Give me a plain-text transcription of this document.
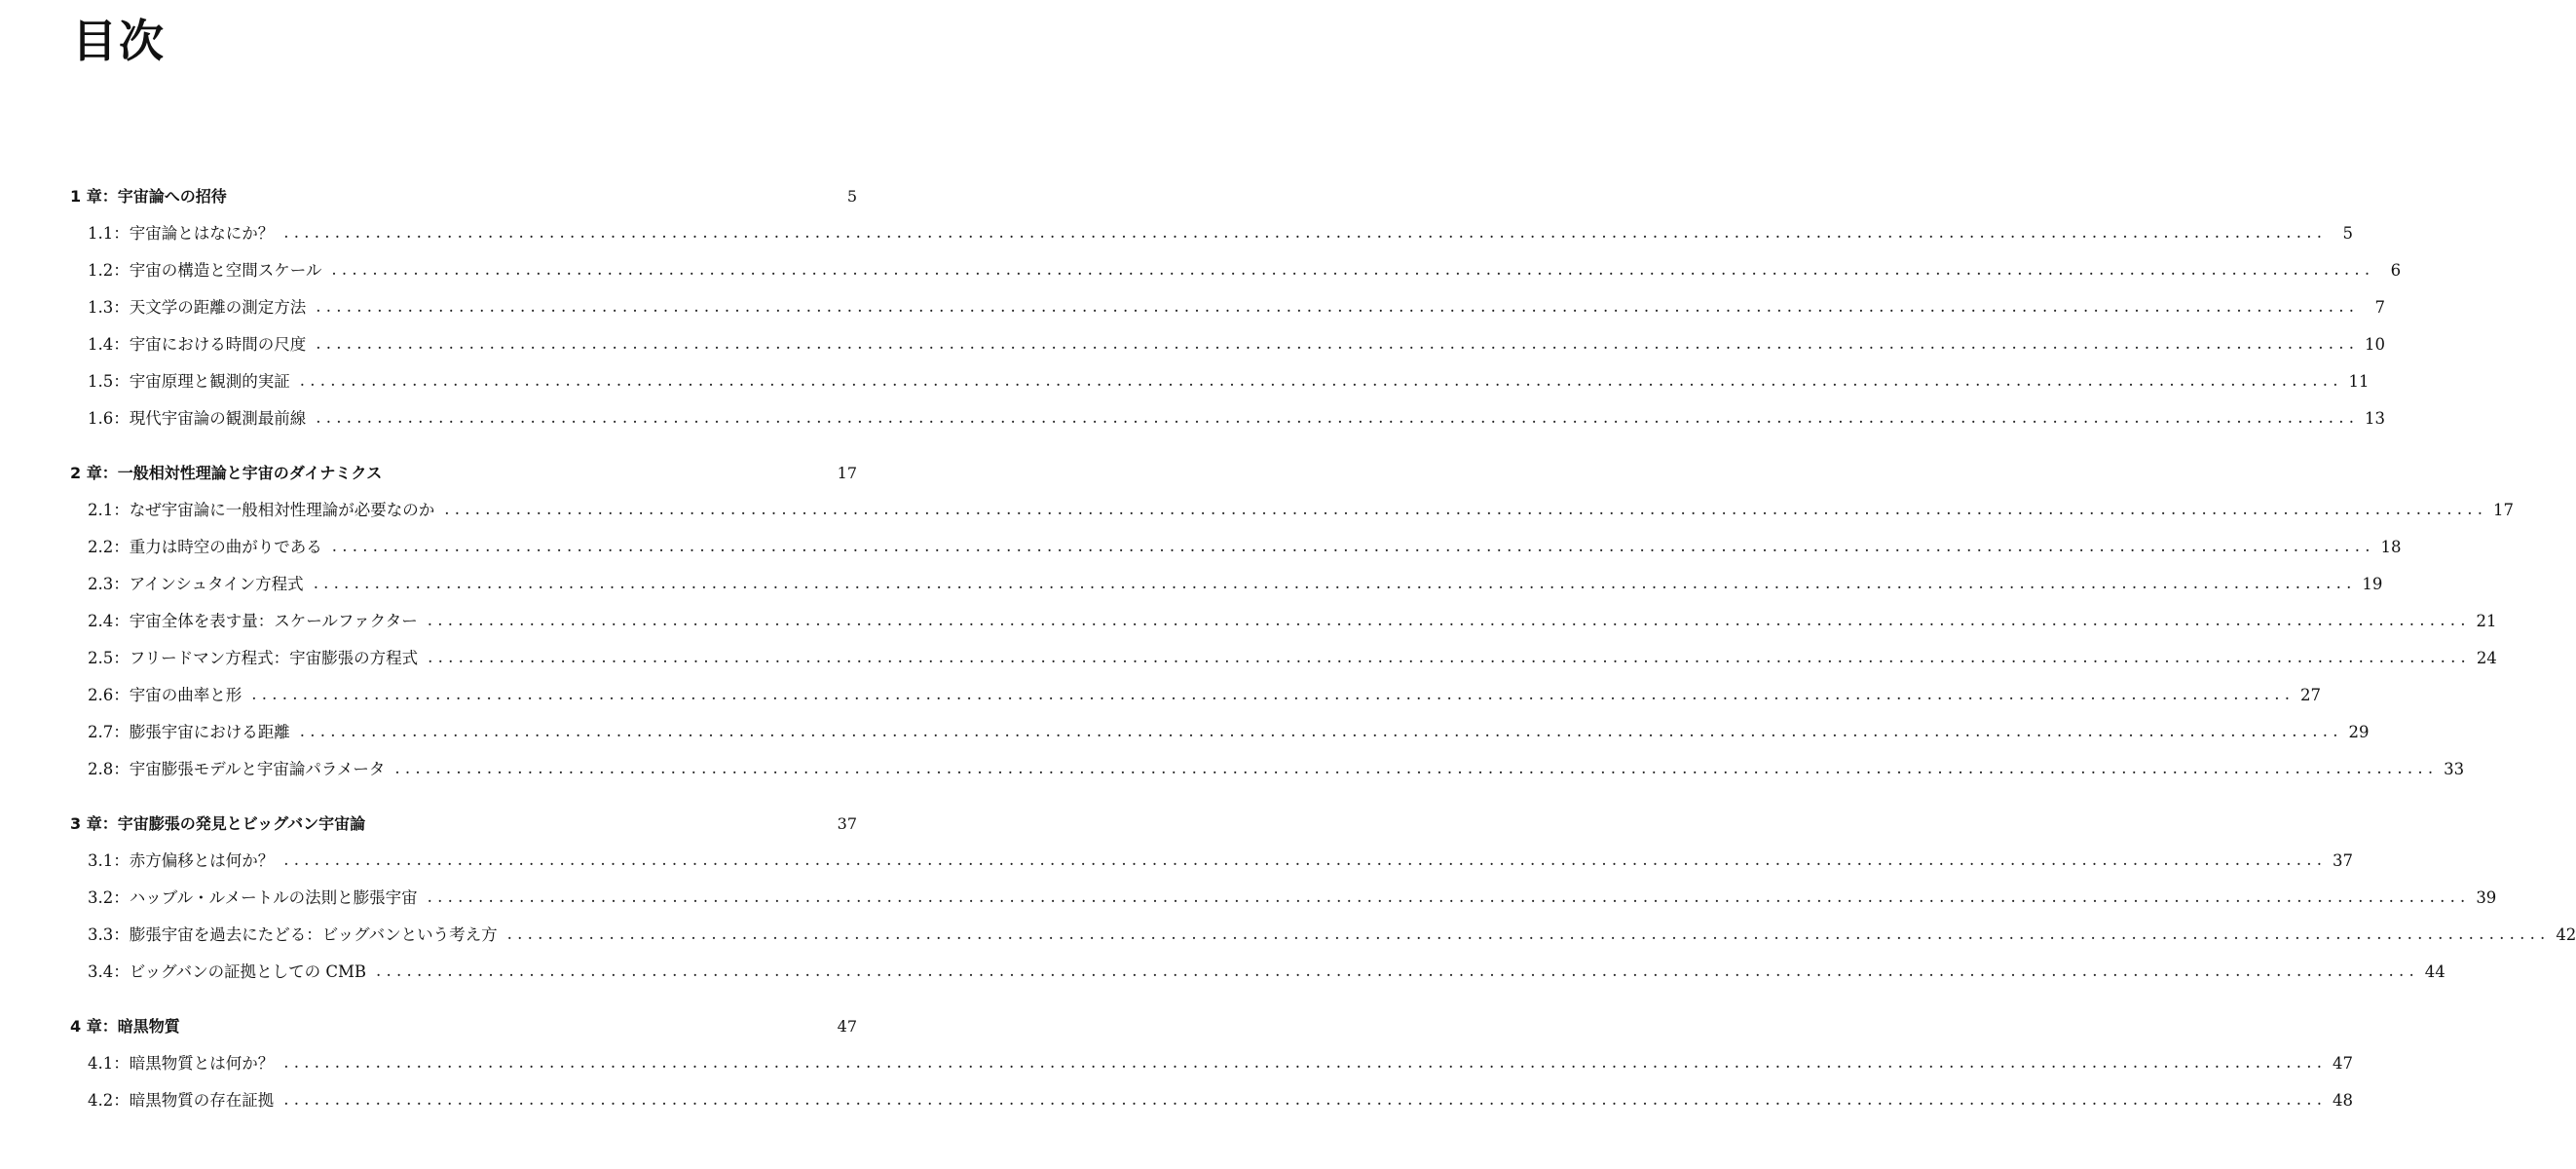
目次
1 章：宇宙論への招待	5
1.1：宇宙論とはなにか？ . . . . . . . . . . . . . . . . . . . . . . . . . . . . . . . . . . . . . . . . . . . . . . . . . . . . . . . . . . . . . . . . . . . . . . . . . . . . . . . . . . . . . . . . . . . . . . . . . . . . . . . . . . . . . . . . . . . . . . . . . . . . . . . . . . . . . . . . . . . . . . . . . . . . . . . . . . . . . . . . . . . . . . . . . . . . . . . . . . . . . . . . . . . . . . . . . . . . . . . .	5
1.2：宇宙の構造と空間スケール . . . . . . . . . . . . . . . . . . . . . . . . . . . . . . . . . . . . . . . . . . . . . . . . . . . . . . . . . . . . . . . . . . . . . . . . . . . . . . . . . . . . . . . . . . . . . . . . . . . . . . . . . . . . . . . . . . . . . . . . . . . . . . . . . . . . . . . . . . . . . . . . . . . . . . . . . . . . . . . . . . . . . . . . . . . . . . . . . . . . . . . . . . . . . . . . . . . . . . . .	6
1.3：天文学の距離の測定方法 . . . . . . . . . . . . . . . . . . . . . . . . . . . . . . . . . . . . . . . . . . . . . . . . . . . . . . . . . . . . . . . . . . . . . . . . . . . . . . . . . . . . . . . . . . . . . . . . . . . . . . . . . . . . . . . . . . . . . . . . . . . . . . . . . . . . . . . . . . . . . . . . . . . . . . . . . . . . . . . . . . . . . . . . . . . . . . . . . . . . . . . . . . . . . . . . . . . . . . . .	7
1.4：宇宙における時間の尺度 . . . . . . . . . . . . . . . . . . . . . . . . . . . . . . . . . . . . . . . . . . . . . . . . . . . . . . . . . . . . . . . . . . . . . . . . . . . . . . . . . . . . . . . . . . . . . . . . . . . . . . . . . . . . . . . . . . . . . . . . . . . . . . . . . . . . . . . . . . . . . . . . . . . . . . . . . . . . . . . . . . . . . . . . . . . . . . . . . . . . . . . . . . . . . . . . . . . . . . . . 10
1.5：宇宙原理と観測的実証 . . . . . . . . . . . . . . . . . . . . . . . . . . . . . . . . . . . . . . . . . . . . . . . . . . . . . . . . . . . . . . . . . . . . . . . . . . . . . . . . . . . . . . . . . . . . . . . . . . . . . . . . . . . . . . . . . . . . . . . . . . . . . . . . . . . . . . . . . . . . . . . . . . . . . . . . . . . . . . . . . . . . . . . . . . . . . . . . . . . . . . . . . . . . . . . . . . . . . . . . 11
1.6：現代宇宙論の観測最前線 . . . . . . . . . . . . . . . . . . . . . . . . . . . . . . . . . . . . . . . . . . . . . . . . . . . . . . . . . . . . . . . . . . . . . . . . . . . . . . . . . . . . . . . . . . . . . . . . . . . . . . . . . . . . . . . . . . . . . . . . . . . . . . . . . . . . . . . . . . . . . . . . . . . . . . . . . . . . . . . . . . . . . . . . . . . . . . . . . . . . . . . . . . . . . . . . . . . . . . . . 13
2 章：一般相対性理論と宇宙のダイナミクス	17
2.1：なぜ宇宙論に一般相対性理論が必要なのか . . . . . . . . . . . . . . . . . . . . . . . . . . . . . . . . . . . . . . . . . . . . . . . . . . . . . . . . . . . . . . . . . . . . . . . . . . . . . . . . . . . . . . . . . . . . . . . . . . . . . . . . . . . . . . . . . . . . . . . . . . . . . . . . . . . . . . . . . . . . . . . . . . . . . . . . . . . . . . . . . . . . . . . . . . . . . . . . . . . . . . . . . . . . . . . . . . . . . . . . 17
2.2：重力は時空の曲がりである . . . . . . . . . . . . . . . . . . . . . . . . . . . . . . . . . . . . . . . . . . . . . . . . . . . . . . . . . . . . . . . . . . . . . . . . . . . . . . . . . . . . . . . . . . . . . . . . . . . . . . . . . . . . . . . . . . . . . . . . . . . . . . . . . . . . . . . . . . . . . . . . . . . . . . . . . . . . . . . . . . . . . . . . . . . . . . . . . . . . . . . . . . . . . . . . . . . . . . . . 18
2.3：アインシュタイン方程式 . . . . . . . . . . . . . . . . . . . . . . . . . . . . . . . . . . . . . . . . . . . . . . . . . . . . . . . . . . . . . . . . . . . . . . . . . . . . . . . . . . . . . . . . . . . . . . . . . . . . . . . . . . . . . . . . . . . . . . . . . . . . . . . . . . . . . . . . . . . . . . . . . . . . . . . . . . . . . . . . . . . . . . . . . . . . . . . . . . . . . . . . . . . . . . . . . . . . . . . . 19
2.4：宇宙全体を表す量：スケールファクター . . . . . . . . . . . . . . . . . . . . . . . . . . . . . . . . . . . . . . . . . . . . . . . . . . . . . . . . . . . . . . . . . . . . . . . . . . . . . . . . . . . . . . . . . . . . . . . . . . . . . . . . . . . . . . . . . . . . . . . . . . . . . . . . . . . . . . . . . . . . . . . . . . . . . . . . . . . . . . . . . . . . . . . . . . . . . . . . . . . . . . . . . . . . . . . . . . . . . . . . 21
2.5：フリードマン方程式：宇宙膨張の方程式 . . . . . . . . . . . . . . . . . . . . . . . . . . . . . . . . . . . . . . . . . . . . . . . . . . . . . . . . . . . . . . . . . . . . . . . . . . . . . . . . . . . . . . . . . . . . . . . . . . . . . . . . . . . . . . . . . . . . . . . . . . . . . . . . . . . . . . . . . . . . . . . . . . . . . . . . . . . . . . . . . . . . . . . . . . . . . . . . . . . . . . . . . . . . . . . . . . . . . . . . 24
2.6：宇宙の曲率と形 . . . . . . . . . . . . . . . . . . . . . . . . . . . . . . . . . . . . . . . . . . . . . . . . . . . . . . . . . . . . . . . . . . . . . . . . . . . . . . . . . . . . . . . . . . . . . . . . . . . . . . . . . . . . . . . . . . . . . . . . . . . . . . . . . . . . . . . . . . . . . . . . . . . . . . . . . . . . . . . . . . . . . . . . . . . . . . . . . . . . . . . . . . . . . . . . . . . . . . . . 27
2.7：膨張宇宙における距離 . . . . . . . . . . . . . . . . . . . . . . . . . . . . . . . . . . . . . . . . . . . . . . . . . . . . . . . . . . . . . . . . . . . . . . . . . . . . . . . . . . . . . . . . . . . . . . . . . . . . . . . . . . . . . . . . . . . . . . . . . . . . . . . . . . . . . . . . . . . . . . . . . . . . . . . . . . . . . . . . . . . . . . . . . . . . . . . . . . . . . . . . . . . . . . . . . . . . . . . . 29
2.8：宇宙膨張モデルと宇宙論パラメータ . . . . . . . . . . . . . . . . . . . . . . . . . . . . . . . . . . . . . . . . . . . . . . . . . . . . . . . . . . . . . . . . . . . . . . . . . . . . . . . . . . . . . . . . . . . . . . . . . . . . . . . . . . . . . . . . . . . . . . . . . . . . . . . . . . . . . . . . . . . . . . . . . . . . . . . . . . . . . . . . . . . . . . . . . . . . . . . . . . . . . . . . . . . . . . . . . . . . . . . . 33
3 章：宇宙膨張の発見とビッグバン宇宙論	37
3.1：赤方偏移とは何か？ . . . . . . . . . . . . . . . . . . . . . . . . . . . . . . . . . . . . . . . . . . . . . . . . . . . . . . . . . . . . . . . . . . . . . . . . . . . . . . . . . . . . . . . . . . . . . . . . . . . . . . . . . . . . . . . . . . . . . . . . . . . . . . . . . . . . . . . . . . . . . . . . . . . . . . . . . . . . . . . . . . . . . . . . . . . . . . . . . . . . . . . . . . . . . . . . . . . . . . . . 37
3.2：ハッブル・ルメートルの法則と膨張宇宙 . . . . . . . . . . . . . . . . . . . . . . . . . . . . . . . . . . . . . . . . . . . . . . . . . . . . . . . . . . . . . . . . . . . . . . . . . . . . . . . . . . . . . . . . . . . . . . . . . . . . . . . . . . . . . . . . . . . . . . . . . . . . . . . . . . . . . . . . . . . . . . . . . . . . . . . . . . . . . . . . . . . . . . . . . . . . . . . . . . . . . . . . . . . . . . . . . . . . . . . . 39
3.3：膨張宇宙を過去にたどる：ビッグバンという考え方 . . . . . . . . . . . . . . . . . . . . . . . . . . . . . . . . . . . . . . . . . . . . . . . . . . . . . . . . . . . . . . . . . . . . . . . . . . . . . . . . . . . . . . . . . . . . . . . . . . . . . . . . . . . . . . . . . . . . . . . . . . . . . . . . . . . . . . . . . . . . . . . . . . . . . . . . . . . . . . . . . . . . . . . . . . . . . . . . . . . . . . . . . . . . . . . . . . . . . . . . 42
3.4：ビッグバンの証拠としての CMB . . . . . . . . . . . . . . . . . . . . . . . . . . . . . . . . . . . . . . . . . . . . . . . . . . . . . . . . . . . . . . . . . . . . . . . . . . . . . . . . . . . . . . . . . . . . . . . . . . . . . . . . . . . . . . . . . . . . . . . . . . . . . . . . . . . . . . . . . . . . . . . . . . . . . . . . . . . . . . . . . . . . . . . . . . . . . . . . . . . . . . . . . . . . . . . . . . . . . . . . 44
4 章：暗黒物質	47
4.1：暗黒物質とは何か？ . . . . . . . . . . . . . . . . . . . . . . . . . . . . . . . . . . . . . . . . . . . . . . . . . . . . . . . . . . . . . . . . . . . . . . . . . . . . . . . . . . . . . . . . . . . . . . . . . . . . . . . . . . . . . . . . . . . . . . . . . . . . . . . . . . . . . . . . . . . . . . . . . . . . . . . . . . . . . . . . . . . . . . . . . . . . . . . . . . . . . . . . . . . . . . . . . . . . . . . . 47
4.2：暗黒物質の存在証拠 . . . . . . . . . . . . . . . . . . . . . . . . . . . . . . . . . . . . . . . . . . . . . . . . . . . . . . . . . . . . . . . . . . . . . . . . . . . . . . . . . . . . . . . . . . . . . . . . . . . . . . . . . . . . . . . . . . . . . . . . . . . . . . . . . . . . . . . . . . . . . . . . . . . . . . . . . . . . . . . . . . . . . . . . . . . . . . . . . . . . . . . . . . . . . . . . . . . . . . . . 48
